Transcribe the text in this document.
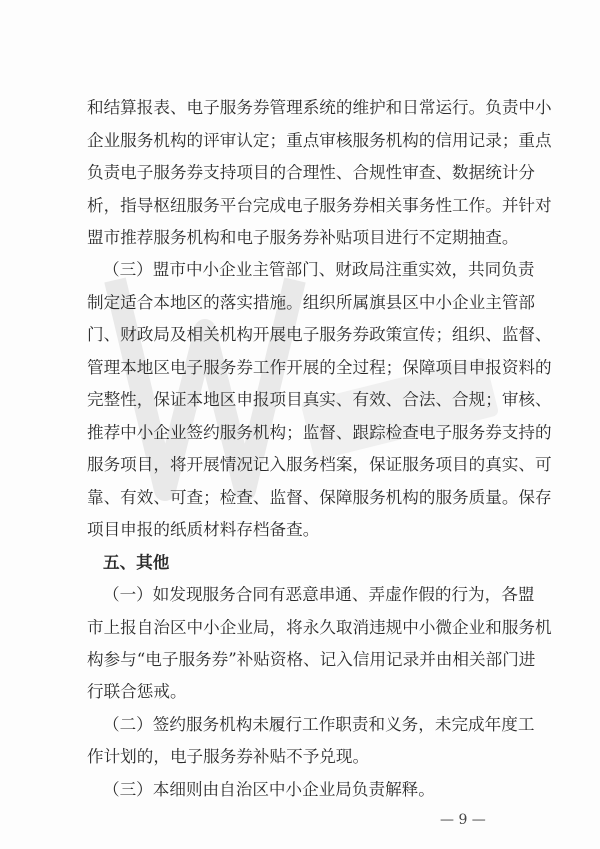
和结算报表、电子服务券管理系统的维护和日常运行。负责中小
企业服务机构的评审认定；重点审核服务机构的信用记录；重点
负责电子服务券支持项目的合理性、合规性审查、数据统计分
析，指导枢纽服务平台完成电子服务券相关事务性工作。并针对
盟市推荐服务机构和电子服务券补贴项目进行不定期抽查。
（三）盟市中小企业主管部门、财政局注重实效，共同负责
制定适合本地区的落实措施。组织所属旗县区中小企业主管部
门、财政局及相关机构开展电子服务券政策宣传；组织、监督、
管理本地区电子服务券工作开展的全过程；保障项目申报资料的
完整性，保证本地区申报项目真实、有效、合法、合规；审核、
推荐中小企业签约服务机构；监督、跟踪检查电子服务券支持的
服务项目，将开展情况记入服务档案，保证服务项目的真实、可
靠、有效、可查；检查、监督、保障服务机构的服务质量。保存
项目申报的纸质材料存档备查。
五、其他
（一）如发现服务合同有恶意串通、弄虚作假的行为，各盟
市上报自治区中小企业局，将永久取消违规中小微企业和服务机
构参与“电子服务券”补贴资格、记入信用记录并由相关部门进
行联合惩戒。
（二）签约服务机构未履行工作职责和义务，未完成年度工
作计划的，电子服务券补贴不予兑现。
（三）本细则由自治区中小企业局负责解释。
— 9 —
